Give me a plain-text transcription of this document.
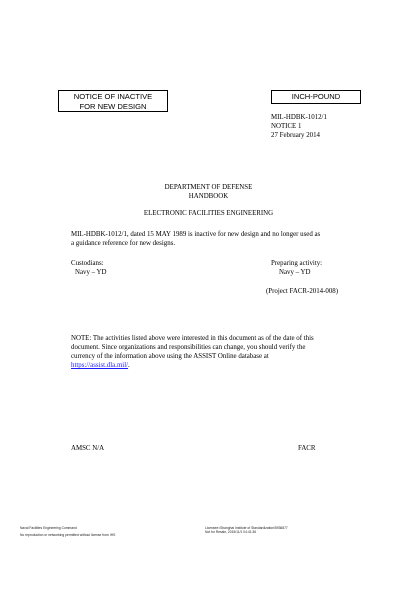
NOTICE OF INACTIVE
FOR NEW DESIGN
INCH-POUND
MIL-HDBK-1012/1
NOTICE 1
27 February 2014
DEPARTMENT OF DEFENSE
HANDBOOK
ELECTRONIC FACILITIES ENGINEERING
MIL-HDBK-1012/1, dated 15 MAY 1989 is inactive for new design and no longer used as
a guidance reference for new designs.
Custodians:
Navy – YD
Preparing activity:
Navy – YD
(Project FACR-2014-008)
NOTE: The activities listed above were interested in this document as of the date of this
document. Since organizations and responsibilities can change, you should verify the
currency of the information above using the ASSIST Online database at
https://assist.dla.mil/.
AMSC N/A	FACR
Naval Facilities Engineering Command
No reproduction or networking permitted without license from IHS
Licensee=Shanghai Institute of Standardization/5936877
Not for Resale, 2015/11/1 04:41:36
